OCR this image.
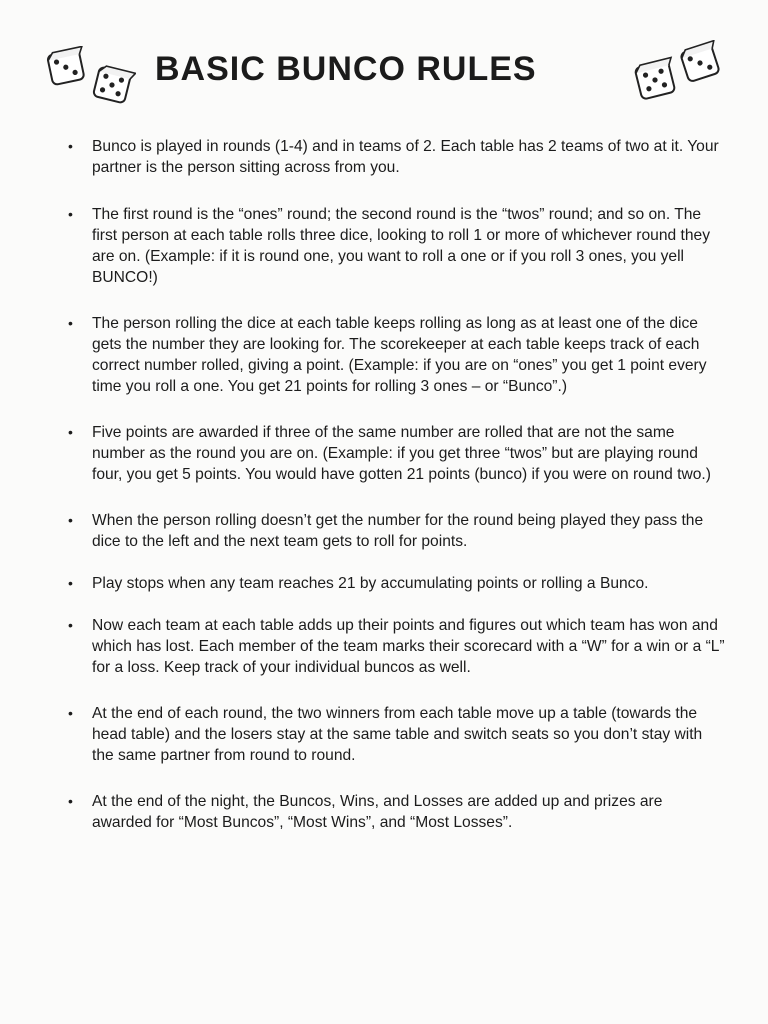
BASIC BUNCO RULES
• Bunco is played in rounds (1-4) and in teams of 2. Each table has 2 teams of two at it. Your partner is the person sitting across from you.
• The first round is the “ones” round; the second round is the “twos” round; and so on. The first person at each table rolls three dice, looking to roll 1 or more of whichever round they are on. (Example: if it is round one, you want to roll a one or if you roll 3 ones, you yell BUNCO!)
• The person rolling the dice at each table keeps rolling as long as at least one of the dice gets the number they are looking for. The scorekeeper at each table keeps track of each correct number rolled, giving a point. (Example: if you are on “ones” you get 1 point every time you roll a one. You get 21 points for rolling 3 ones – or “Bunco”.)
• Five points are awarded if three of the same number are rolled that are not the same number as the round you are on. (Example: if you get three “twos” but are playing round four, you get 5 points. You would have gotten 21 points (bunco) if you were on round two.)
• When the person rolling doesn’t get the number for the round being played they pass the dice to the left and the next team gets to roll for points.
• Play stops when any team reaches 21 by accumulating points or rolling a Bunco.
• Now each team at each table adds up their points and figures out which team has won and which has lost. Each member of the team marks their scorecard with a “W” for a win or a “L” for a loss. Keep track of your individual buncos as well.
• At the end of each round, the two winners from each table move up a table (towards the head table) and the losers stay at the same table and switch seats so you don’t stay with the same partner from round to round.
• At the end of the night, the Buncos, Wins, and Losses are added up and prizes are awarded for “Most Buncos”, “Most Wins”, and “Most Losses”.
